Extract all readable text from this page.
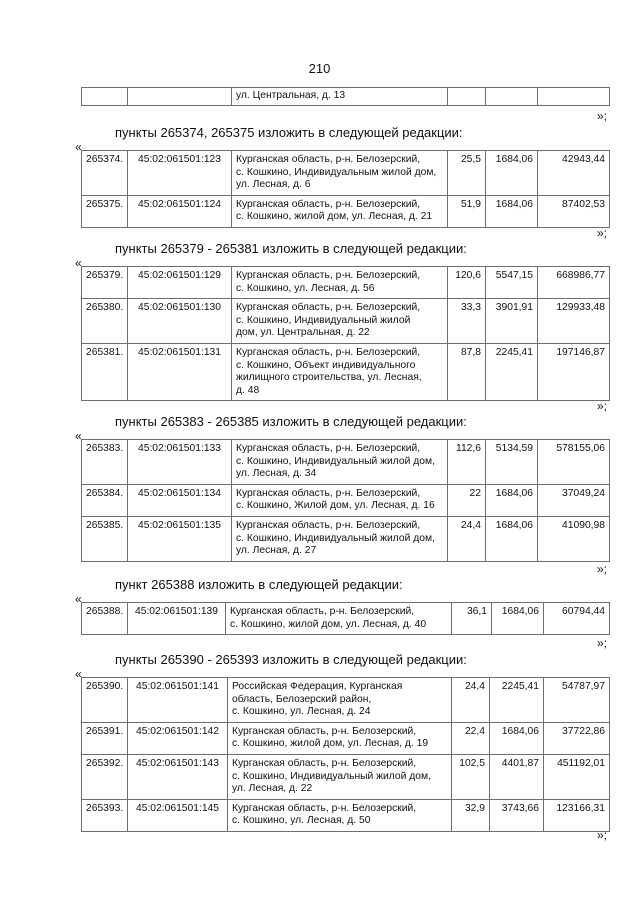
210
		ул. Центральная, д. 13			
»;
пункты 265374, 265375 изложить в следующей редакции:
«
265374.	45:02:061501:123	Курганская область, р-н. Белозерский,
с. Кошкино, Индивидуальным жилой дом,
ул. Лесная, д. 6	25,5	1684,06	42943,44
265375.	45:02:061501:124	Курганская область, р-н. Белозерский,
с. Кошкино, жилой дом, ул. Лесная, д. 21	51,9	1684,06	87402,53
»;
пункты 265379 - 265381 изложить в следующей редакции:
«
265379.	45:02:061501:129	Курганская область, р-н. Белозерский,
с. Кошкино, ул. Лесная, д. 56	120,6	5547,15	668986,77
265380.	45:02:061501:130	Курганская область, р-н. Белозерский,
с. Кошкино, Индивидуальный жилой
дом, ул. Центральная, д. 22	33,3	3901,91	129933,48
265381.	45:02:061501:131	Курганская область, р-н. Белозерский,
с. Кошкино, Объект индивидуального
жилищного строительства, ул. Лесная,
д. 48	87,8	2245,41	197146,87
»;
пункты 265383 - 265385 изложить в следующей редакции:
«
265383.	45:02:061501:133	Курганская область, р-н. Белозерский,
с. Кошкино, Индивидуальный жилой дом,
ул. Лесная, д. 34	112,6	5134,59	578155,06
265384.	45:02:061501:134	Курганская область, р-н. Белозерский,
с. Кошкино, Жилой дом, ул. Лесная, д. 16	22	1684,06	37049,24
265385.	45:02:061501:135	Курганская область, р-н. Белозерский,
с. Кошкино, Индивидуальный жилой дом,
ул. Лесная, д. 27	24,4	1684,06	41090,98
»;
пункт 265388 изложить в следующей редакции:
«
265388.	45:02:061501:139	Курганская область, р-н. Белозерский,
с. Кошкино, жилой дом, ул. Лесная, д. 40	36,1	1684,06	60794,44
»;
пункты 265390 - 265393 изложить в следующей редакции:
«
265390.	45:02:061501:141	Российская Федерация, Курганская
область, Белозерский район,
с. Кошкино, ул. Лесная, д. 24	24,4	2245,41	54787,97
265391.	45:02:061501:142	Курганская область, р-н. Белозерский,
с. Кошкино, жилой дом, ул. Лесная, д. 19	22,4	1684,06	37722,86
265392.	45:02:061501:143	Курганская область, р-н. Белозерский,
с. Кошкино, Индивидуальный жилой дом,
ул. Лесная, д. 22	102,5	4401,87	451192,01
265393.	45:02:061501:145	Курганская область, р-н. Белозерский,
с. Кошкино, ул. Лесная, д. 50	32,9	3743,66	123166,31
»;
